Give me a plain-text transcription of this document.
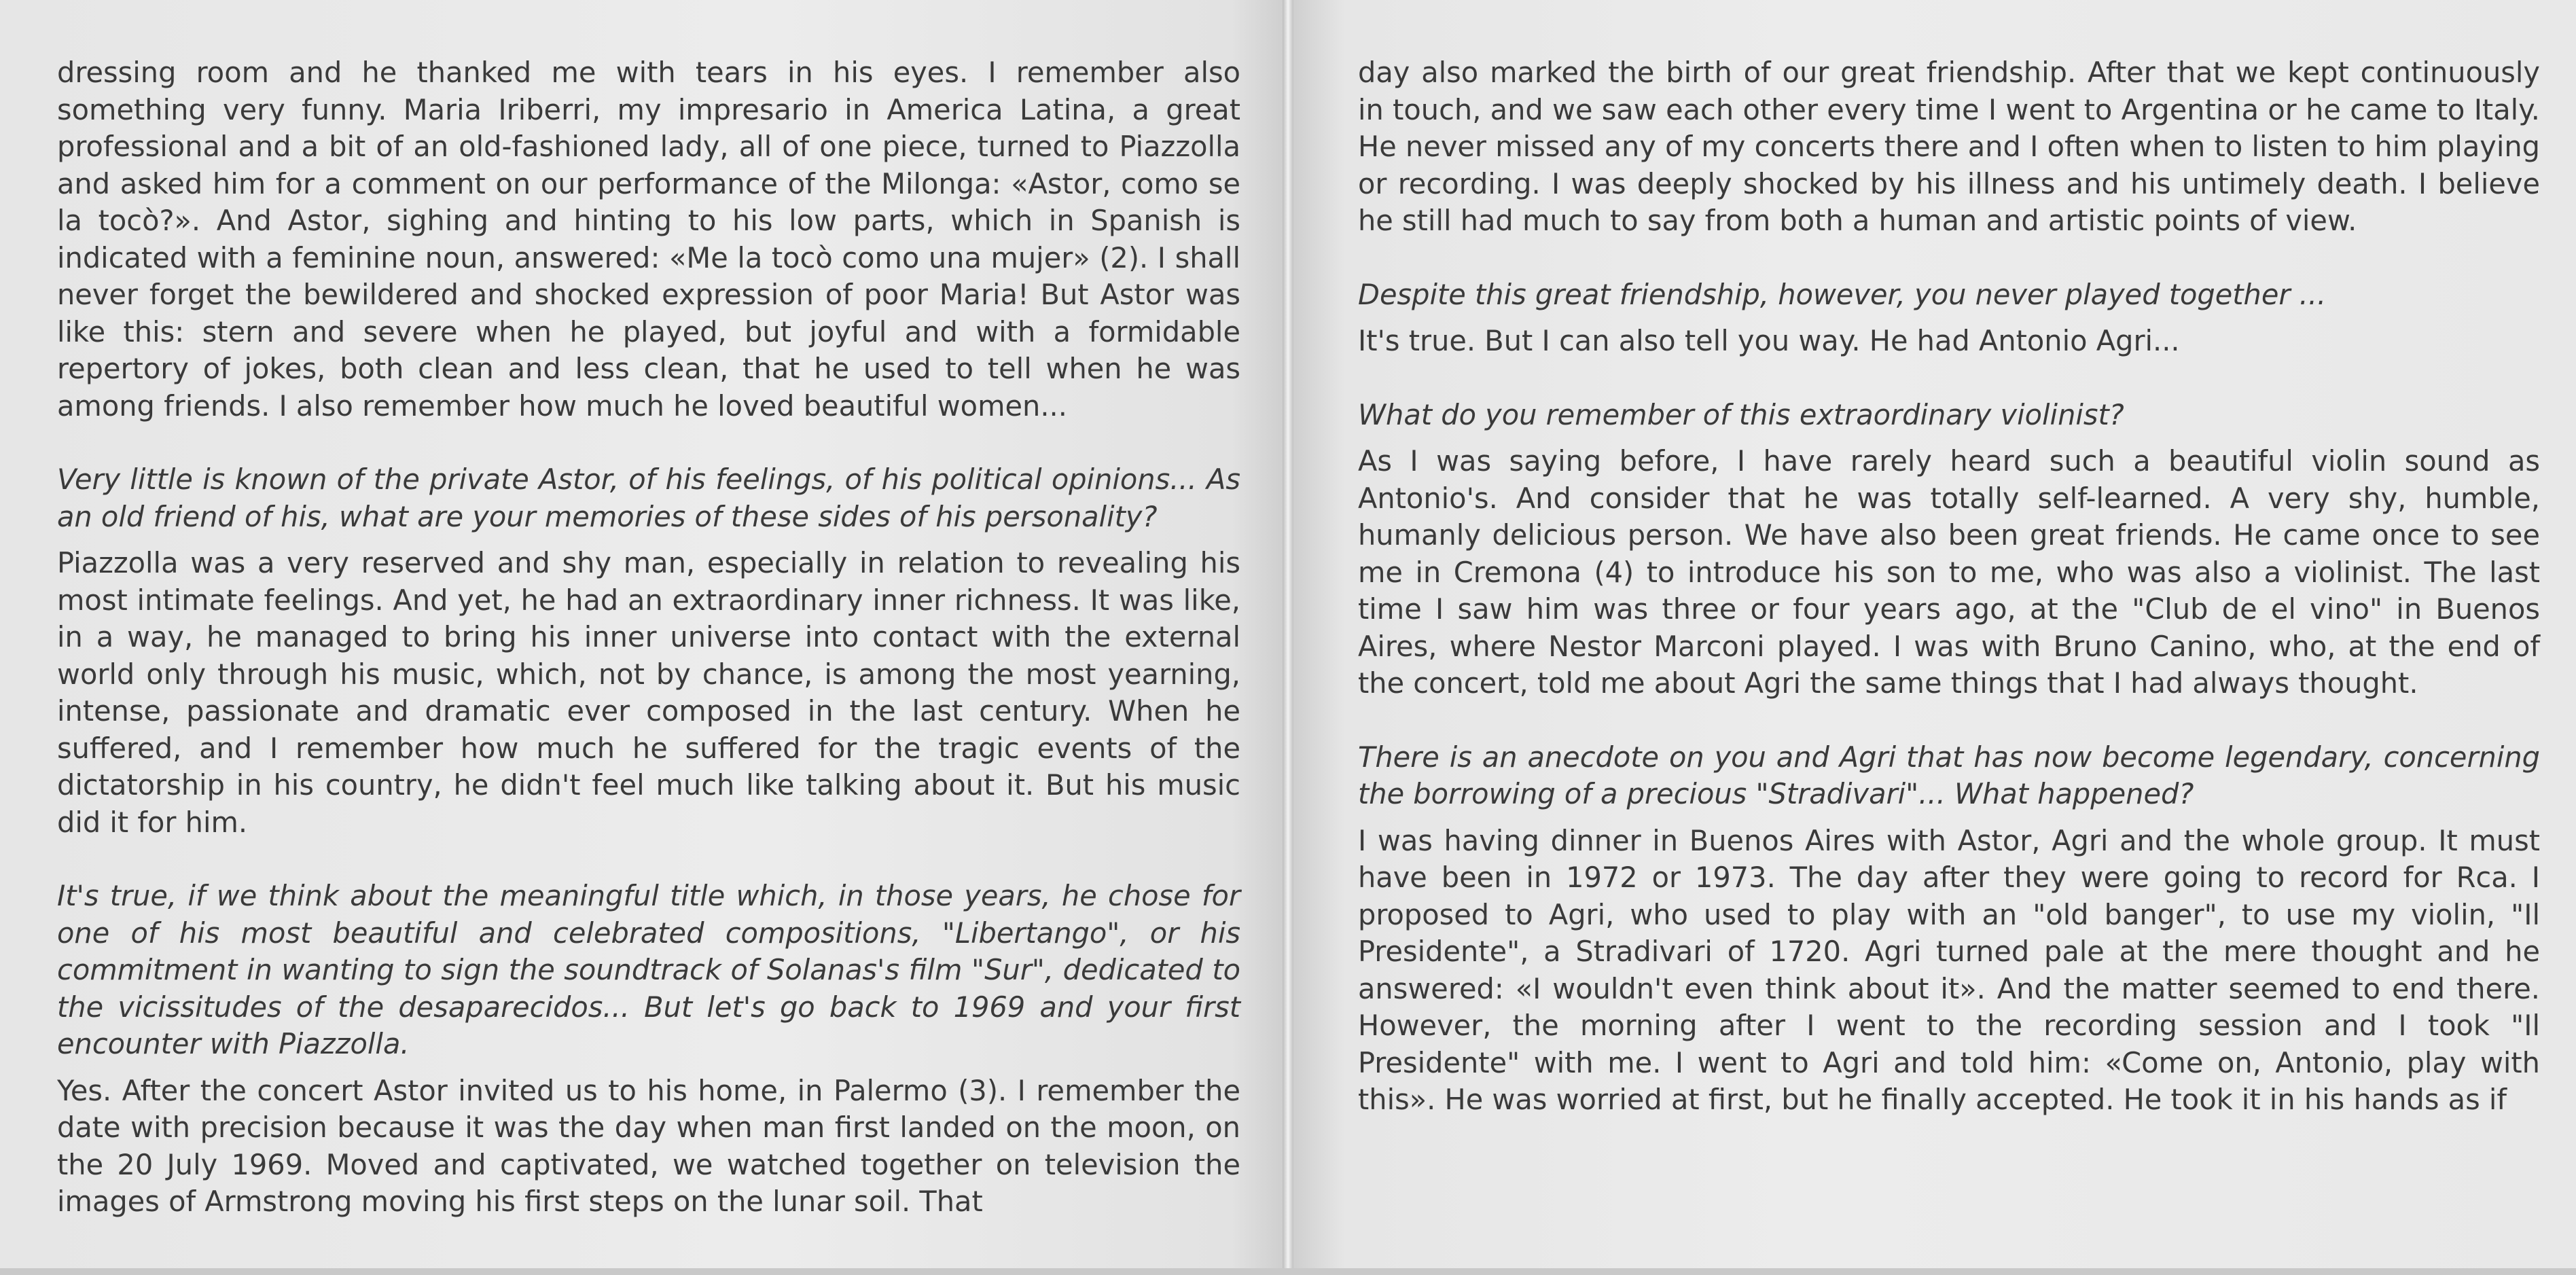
dressing room and he thanked me with tears in his eyes. I remember also something very funny. Maria Iriberri, my impresario in America Latina, a great professional and a bit of an old-fashioned lady, all of one piece, turned to Piazzolla and asked him for a comment on our performance of the Milonga: «Astor, como se la tocò?». And Astor, sighing and hinting to his low parts, which in Spanish is indicated with a feminine noun, answered: «Me la tocò como una mujer» (2). I shall never forget the bewildered and shocked expression of poor Maria! But Astor was like this: stern and severe when he played, but joyful and with a formidable repertory of jokes, both clean and less clean, that he used to tell when he was among friends. I also remember how much he loved beautiful women...

Very little is known of the private Astor, of his feelings, of his political opinions... As an old friend of his, what are your memories of these sides of his personality?

Piazzolla was a very reserved and shy man, especially in relation to revealing his most intimate feelings. And yet, he had an extraordinary inner richness. It was like, in a way, he managed to bring his inner universe into contact with the external world only through his music, which, not by chance, is among the most yearning, intense, passionate and dramatic ever composed in the last century. When he suffered, and I remember how much he suffered for the tragic events of the dictatorship in his country, he didn't feel much like talking about it. But his music did it for him.

It's true, if we think about the meaningful title which, in those years, he chose for one of his most beautiful and celebrated compositions, "Libertango", or his commitment in wanting to sign the soundtrack of Solanas's film "Sur", dedicated to the vicissitudes of the desaparecidos... But let's go back to 1969 and your first encounter with Piazzolla.

Yes. After the concert Astor invited us to his home, in Palermo (3). I remember the date with precision because it was the day when man first landed on the moon, on the 20 July 1969. Moved and captivated, we watched together on television the images of Armstrong moving his first steps on the lunar soil. That

day also marked the birth of our great friendship. After that we kept continuously in touch, and we saw each other every time I went to Argentina or he came to Italy. He never missed any of my concerts there and I often when to listen to him playing or recording. I was deeply shocked by his illness and his untimely death. I believe he still had much to say from both a human and artistic points of view.

Despite this great friendship, however, you never played together ...

It's true. But I can also tell you way. He had Antonio Agri...

What do you remember of this extraordinary violinist?

As I was saying before, I have rarely heard such a beautiful violin sound as Antonio's. And consider that he was totally self-learned. A very shy, humble, humanly delicious person. We have also been great friends. He came once to see me in Cremona (4) to introduce his son to me, who was also a violinist. The last time I saw him was three or four years ago, at the "Club de el vino" in Buenos Aires, where Nestor Marconi played. I was with Bruno Canino, who, at the end of the concert, told me about Agri the same things that I had always thought.

There is an anecdote on you and Agri that has now become legendary, concerning the borrowing of a precious "Stradivari"... What happened?

I was having dinner in Buenos Aires with Astor, Agri and the whole group. It must have been in 1972 or 1973. The day after they were going to record for Rca. I proposed to Agri, who used to play with an "old banger", to use my violin, "Il Presidente", a Stradivari of 1720. Agri turned pale at the mere thought and he answered: «I wouldn't even think about it». And the matter seemed to end there. However, the morning after I went to the recording session and I took "Il Presidente" with me. I went to Agri and told him: «Come on, Antonio, play with this». He was worried at first, but he finally accepted. He took it in his hands as if
